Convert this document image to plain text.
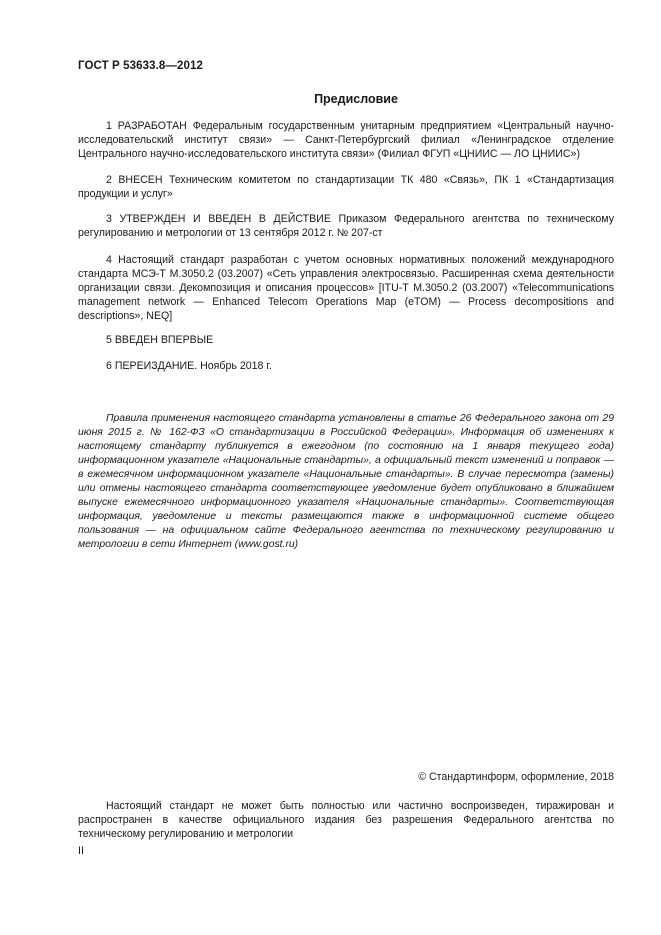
ГОСТ Р 53633.8—2012
Предисловие

1 РАЗРАБОТАН Федеральным государственным унитарным предприятием «Центральный научно-исследовательский институт связи» — Санкт-Петербургский филиал «Ленинградское отделение Центрального научно-исследовательского института связи» (Филиал ФГУП «ЦНИИС — ЛО ЦНИИС»)

2 ВНЕСЕН Техническим комитетом по стандартизации ТК 480 «Связь», ПК 1 «Стандартизация продукции и услуг»

3 УТВЕРЖДЕН И ВВЕДЕН В ДЕЙСТВИЕ Приказом Федерального агентства по техническому регулированию и метрологии от 13 сентября 2012 г. № 207-ст

4 Настоящий стандарт разработан с учетом основных нормативных положений международного стандарта МСЭ-Т М.3050.2 (03.2007) «Сеть управления электросвязью. Расширенная схема деятельности организации связи. Декомпозиция и описания процессов» [ITU-T M.3050.2 (03.2007) «Telecommunications management network — Enhanced Telecom Operations Map (eTOM) — Process decompositions and descriptions», NEQ]

5 ВВЕДЕН ВПЕРВЫЕ

6 ПЕРЕИЗДАНИЕ. Ноябрь 2018 г.

Правила применения настоящего стандарта установлены в статье 26 Федерального закона от 29 июня 2015 г. № 162-ФЗ «О стандартизации в Российской Федерации». Информация об изменениях к настоящему стандарту публикуется в ежегодном (по состоянию на 1 января текущего года) информационном указателе «Национальные стандарты», а официальный текст изменений и поправок — в ежемесячном информационном указателе «Национальные стандарты». В случае пересмотра (замены) или отмены настоящего стандарта соответствующее уведомление будет опубликовано в ближайшем выпуске ежемесячного информационного указателя «Национальные стандарты». Соответствующая информация, уведомление и тексты размещаются также в информационной системе общего пользования — на официальном сайте Федерального агентства по техническому регулированию и метрологии в сети Интернет (www.gost.ru)

© Стандартинформ, оформление, 2018

Настоящий стандарт не может быть полностью или частично воспроизведен, тиражирован и распространен в качестве официального издания без разрешения Федерального агентства по техническому регулированию и метрологии

II
